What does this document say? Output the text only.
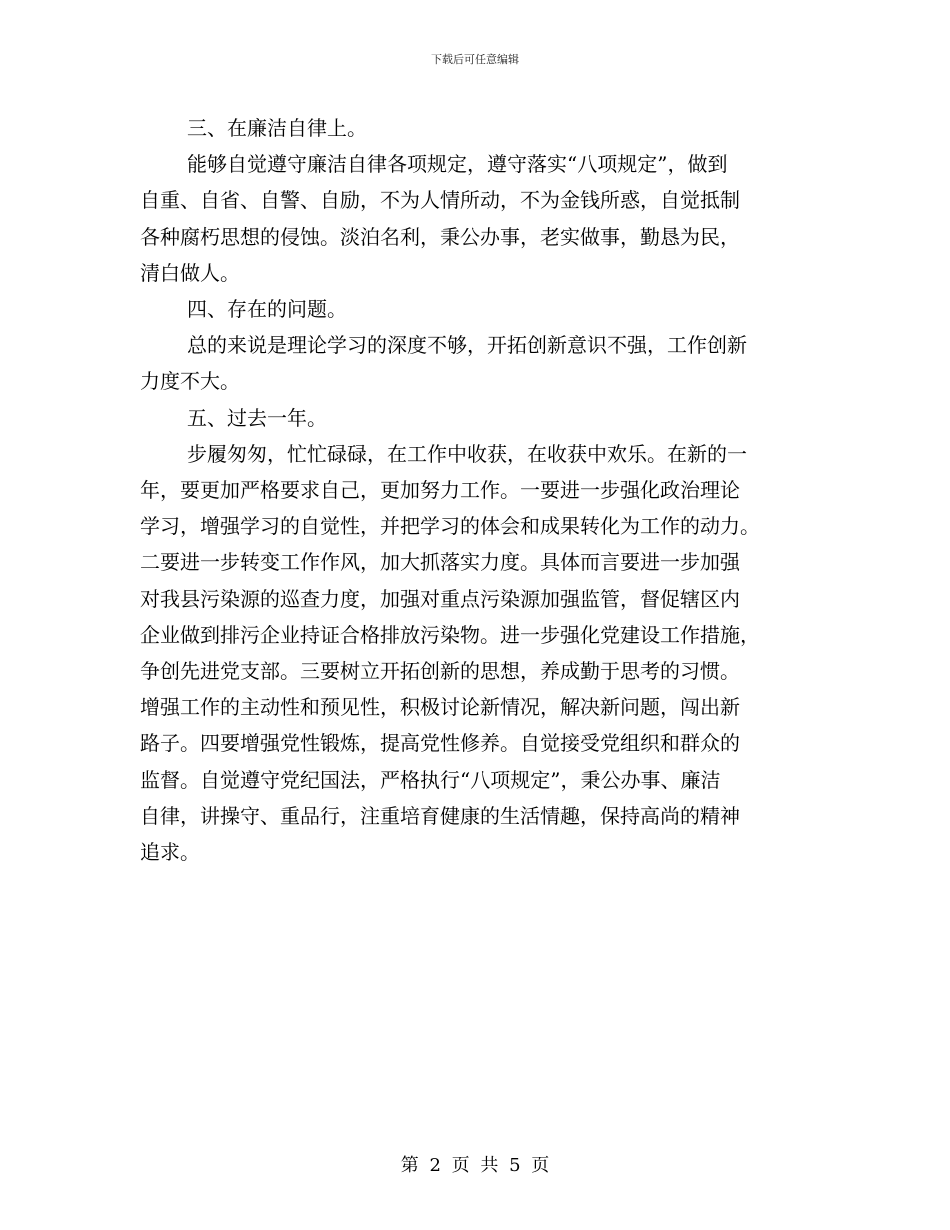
下载后可任意编辑
三、在廉洁自律上。
能够自觉遵守廉洁自律各项规定，遵守落实“八项规定”，做到
自重、自省、自警、自励，不为人情所动，不为金钱所惑，自觉抵制
各种腐朽思想的侵蚀。淡泊名利，秉公办事，老实做事，勤恳为民，
清白做人。
四、存在的问题。
总的来说是理论学习的深度不够，开拓创新意识不强，工作创新
力度不大。
五、过去一年。
步履匆匆，忙忙碌碌，在工作中收获，在收获中欢乐。在新的一
年，要更加严格要求自己，更加努力工作。一要进一步强化政治理论
学习，增强学习的自觉性，并把学习的体会和成果转化为工作的动力。
二要进一步转变工作作风，加大抓落实力度。具体而言要进一步加强
对我县污染源的巡查力度，加强对重点污染源加强监管，督促辖区内
企业做到排污企业持证合格排放污染物。进一步强化党建设工作措施，
争创先进党支部。三要树立开拓创新的思想，养成勤于思考的习惯。
增强工作的主动性和预见性，积极讨论新情况，解决新问题，闯出新
路子。四要增强党性锻炼，提高党性修养。自觉接受党组织和群众的
监督。自觉遵守党纪国法，严格执行“八项规定”，秉公办事、廉洁
自律，讲操守、重品行，注重培育健康的生活情趣，保持高尚的精神
追求。
第 2 页 共 5 页
